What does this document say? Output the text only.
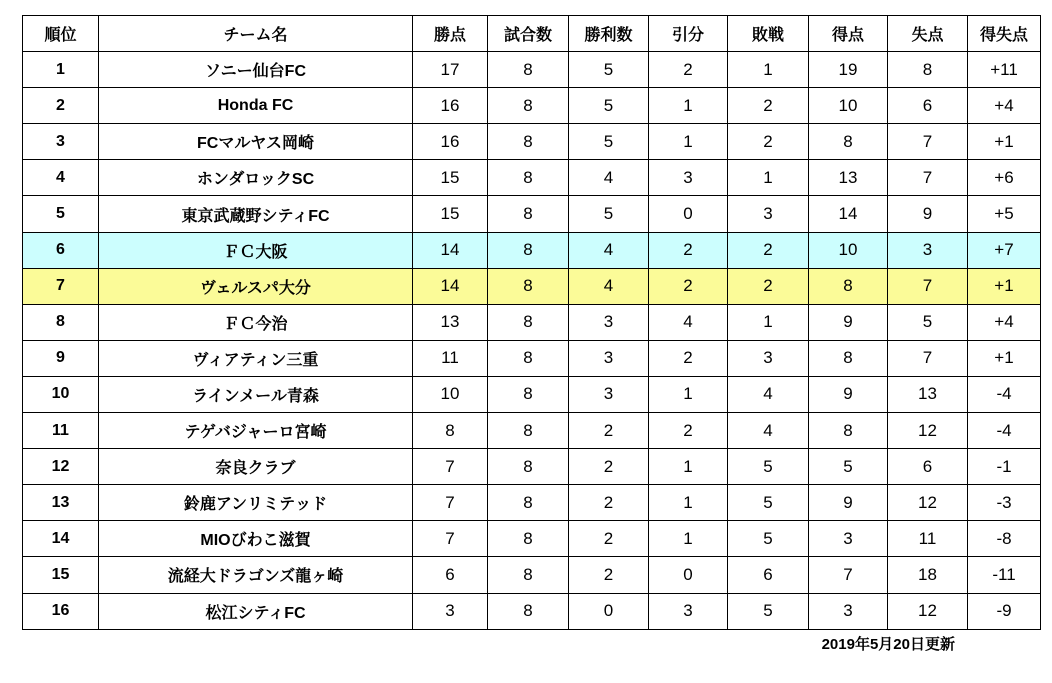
順位	チーム名	勝点	試合数	勝利数	引分	敗戦	得点	失点	得失点
1	ソニー仙台FC	17	8	5	2	1	19	8	+11
2	Honda FC	16	8	5	1	2	10	6	+4
3	FCマルヤス岡崎	16	8	5	1	2	8	7	+1
4	ホンダロックSC	15	8	4	3	1	13	7	+6
5	東京武蔵野シティFC	15	8	5	0	3	14	9	+5
6	ＦＣ大阪	14	8	4	2	2	10	3	+7
7	ヴェルスパ大分	14	8	4	2	2	8	7	+1
8	ＦＣ今治	13	8	3	4	1	9	5	+4
9	ヴィアティン三重	11	8	3	2	3	8	7	+1
10	ラインメール青森	10	8	3	1	4	9	13	-4
11	テゲバジャーロ宮崎	8	8	2	2	4	8	12	-4
12	奈良クラブ	7	8	2	1	5	5	6	-1
13	鈴鹿アンリミテッド	7	8	2	1	5	9	12	-3
14	MIOびわこ滋賀	7	8	2	1	5	3	11	-8
15	流経大ドラゴンズ龍ヶ崎	6	8	2	0	6	7	18	-11
16	松江シティFC	3	8	0	3	5	3	12	-9
2019年5月20日更新
